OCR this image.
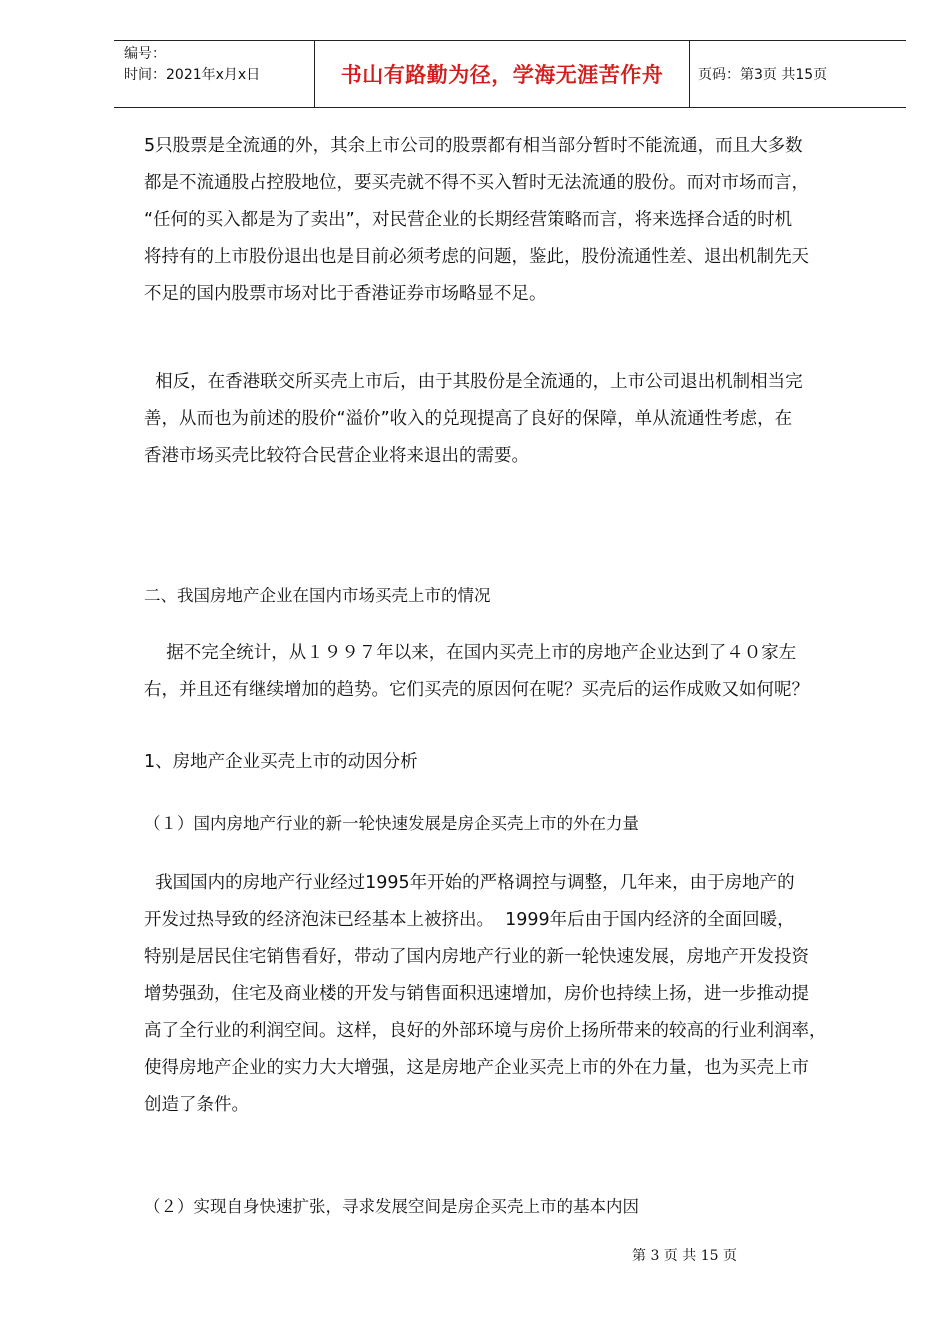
编号：
时间：2021年x月x日	书山有路勤为径，学海无涯苦作舟	页码：第3页 共15页
5只股票是全流通的外，其余上市公司的股票都有相当部分暂时不能流通，而且大多数
都是不流通股占控股地位，要买壳就不得不买入暂时无法流通的股份。而对市场而言，
“任何的买入都是为了卖出”，对民营企业的长期经营策略而言，将来选择合适的时机
将持有的上市股份退出也是目前必须考虑的问题，鉴此，股份流通性差、退出机制先天
不足的国内股票市场对比于香港证券市场略显不足。
相反，在香港联交所买壳上市后，由于其股份是全流通的，上市公司退出机制相当完
善，从而也为前述的股价“溢价”收入的兑现提高了良好的保障，单从流通性考虑，在
香港市场买壳比较符合民营企业将来退出的需要。
二、我国房地产企业在国内市场买壳上市的情况
据不完全统计，从１９９７年以来，在国内买壳上市的房地产企业达到了４０家左
右，并且还有继续增加的趋势。它们买壳的原因何在呢？买壳后的运作成败又如何呢？
1、房地产企业买壳上市的动因分析
（１）国内房地产行业的新一轮快速发展是房企买壳上市的外在力量
我国国内的房地产行业经过1995年开始的严格调控与调整，几年来，由于房地产的
开发过热导致的经济泡沫已经基本上被挤出。  1999年后由于国内经济的全面回暖，
特别是居民住宅销售看好，带动了国内房地产行业的新一轮快速发展，房地产开发投资
增势强劲，住宅及商业楼的开发与销售面积迅速增加，房价也持续上扬，进一步推动提
高了全行业的利润空间。这样，良好的外部环境与房价上扬所带来的较高的行业利润率，
使得房地产企业的实力大大增强，这是房地产企业买壳上市的外在力量，也为买壳上市
创造了条件。
（２）实现自身快速扩张，寻求发展空间是房企买壳上市的基本内因
第 3 页 共 15 页
